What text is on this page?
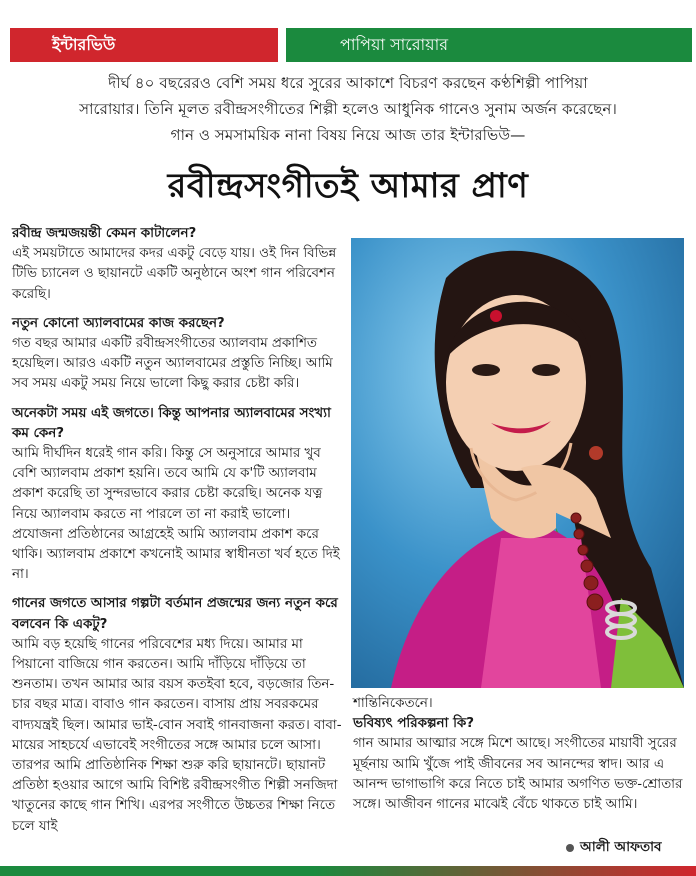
ইন্টারভিউ	পাপিয়া সারোয়ার
দীর্ঘ ৪০ বছরেরও বেশি সময় ধরে সুরের আকাশে বিচরণ করছেন কণ্ঠশিল্পী পাপিয়া
সারোয়ার। তিনি মূলত রবীন্দ্রসংগীতের শিল্পী হলেও আধুনিক গানেও সুনাম অর্জন করেছেন।
গান ও সমসাময়িক নানা বিষয় নিয়ে আজ তার ইন্টারভিউ—
রবীন্দ্রসংগীতই আমার প্রাণ

রবীন্দ্র জন্মজয়ন্তী কেমন কাটালেন?

এই সময়টাতে আমাদের কদর একটু বেড়ে যায়। ওই দিন বিভিন্ন টিভি চ্যানেল ও ছায়ানটে একটি অনুষ্ঠানে অংশ গান পরিবেশন করেছি।

নতুন কোনো অ্যালবামের কাজ করছেন?

গত বছর আমার একটি রবীন্দ্রসংগীতের অ্যালবাম প্রকাশিত হয়েছিল। আরও একটি নতুন অ্যালবামের প্রস্তুতি নিচ্ছি। আমি সব সময় একটু সময় নিয়ে ভালো কিছু করার চেষ্টা করি।

অনেকটা সময় এই জগতে। কিন্তু আপনার অ্যালবামের সংখ্যা কম কেন?

আমি দীর্ঘদিন ধরেই গান করি। কিন্তু সে অনুসারে আমার খুব বেশি অ্যালবাম প্রকাশ হয়নি। তবে আমি যে ক'টি অ্যালবাম প্রকাশ করেছি তা সুন্দরভাবে করার চেষ্টা করেছি। অনেক যত্ন নিয়ে অ্যালবাম করতে না পারলে তা না করাই ভালো। প্রযোজনা প্রতিষ্ঠানের আগ্রহেই আমি অ্যালবাম প্রকাশ করে থাকি। অ্যালবাম প্রকাশে কখনোই আমার স্বাধীনতা খর্ব হতে দিই না।

গানের জগতে আসার গল্পটা বর্তমান প্রজন্মের জন্য নতুন করে বলবেন কি একটু?

আমি বড় হয়েছি গানের পরিবেশের মধ্য দিয়ে। আমার মা পিয়ানো বাজিয়ে গান করতেন। আমি দাঁড়িয়ে দাঁড়িয়ে তা শুনতাম। তখন আমার আর বয়স কতইবা হবে, বড়জোর তিন-চার বছর মাত্র। বাবাও গান করতেন। বাসায় প্রায় সবরকমের বাদ্যযন্ত্রই ছিল। আমার ভাই-বোন সবাই গানবাজনা করত। বাবা-মায়ের সাহচর্যে এভাবেই সংগীতের সঙ্গে আমার চলে আসা। তারপর আমি প্রাতিষ্ঠানিক শিক্ষা শুরু করি ছায়ানটে। ছায়ানট প্রতিষ্ঠা হওয়ার আগে আমি বিশিষ্ট রবীন্দ্রসংগীত শিল্পী সনজিদা খাতুনের কাছে গান শিখি। এরপর সংগীতে উচ্চতর শিক্ষা নিতে চলে যাই

শান্তিনিকেতনে।

ভবিষ্যৎ পরিকল্পনা কি?

গান আমার আত্মার সঙ্গে মিশে আছে। সংগীতের মায়াবী সুরের মূর্ছনায় আমি খুঁজে পাই জীবনের সব আনন্দের স্বাদ। আর এ আনন্দ ভাগাভাগি করে নিতে চাই আমার অগণিত ভক্ত-শ্রোতার সঙ্গে। আজীবন গানের মাঝেই বেঁচে থাকতে চাই আমি।

আলী আফতাব
